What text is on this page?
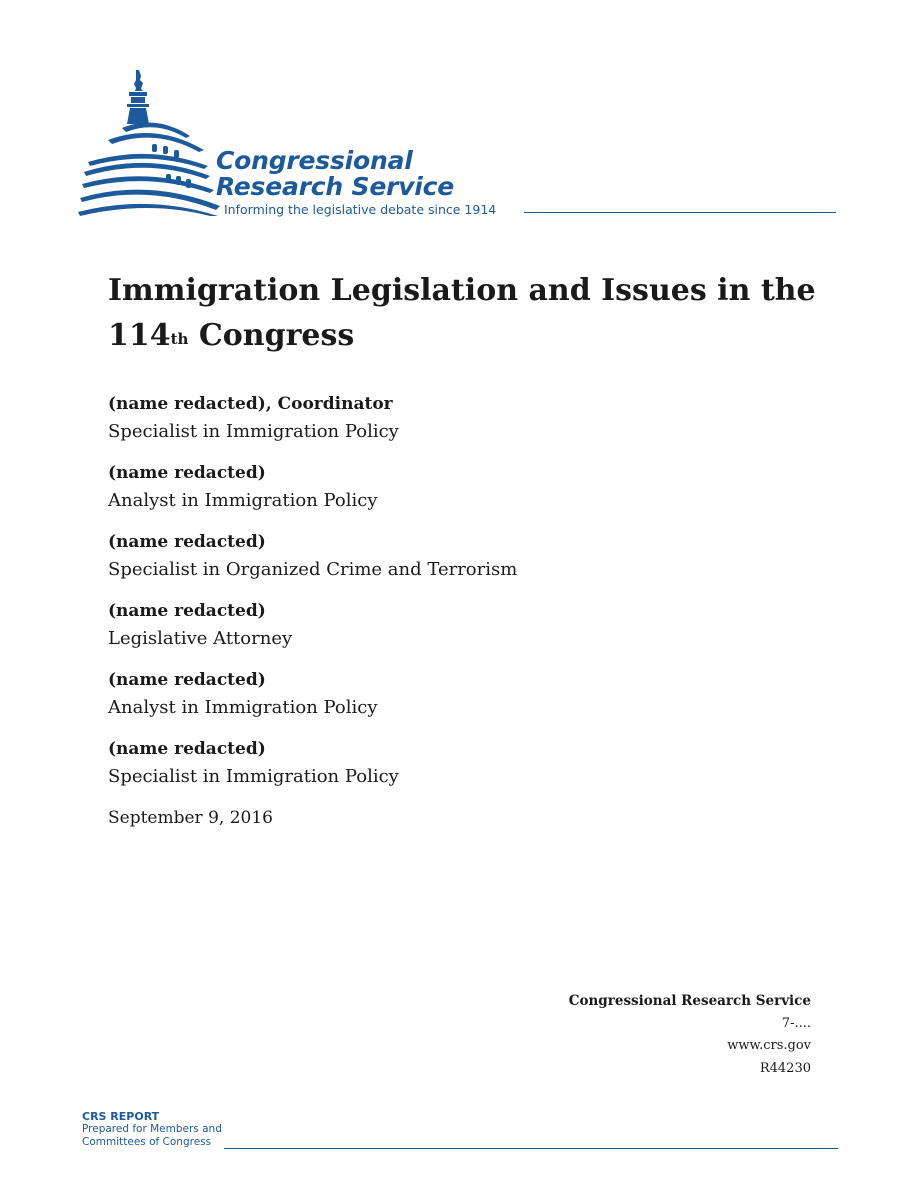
Congressional
Research Service
Informing the legislative debate since 1914
Immigration Legislation and Issues in the
114th Congress
(name redacted), Coordinator
Specialist in Immigration Policy
(name redacted)
Analyst in Immigration Policy
(name redacted)
Specialist in Organized Crime and Terrorism
(name redacted)
Legislative Attorney
(name redacted)
Analyst in Immigration Policy
(name redacted)
Specialist in Immigration Policy
September 9, 2016
Congressional Research Service
7-....
www.crs.gov
R44230
CRS REPORT
Prepared for Members and
Committees of Congress
